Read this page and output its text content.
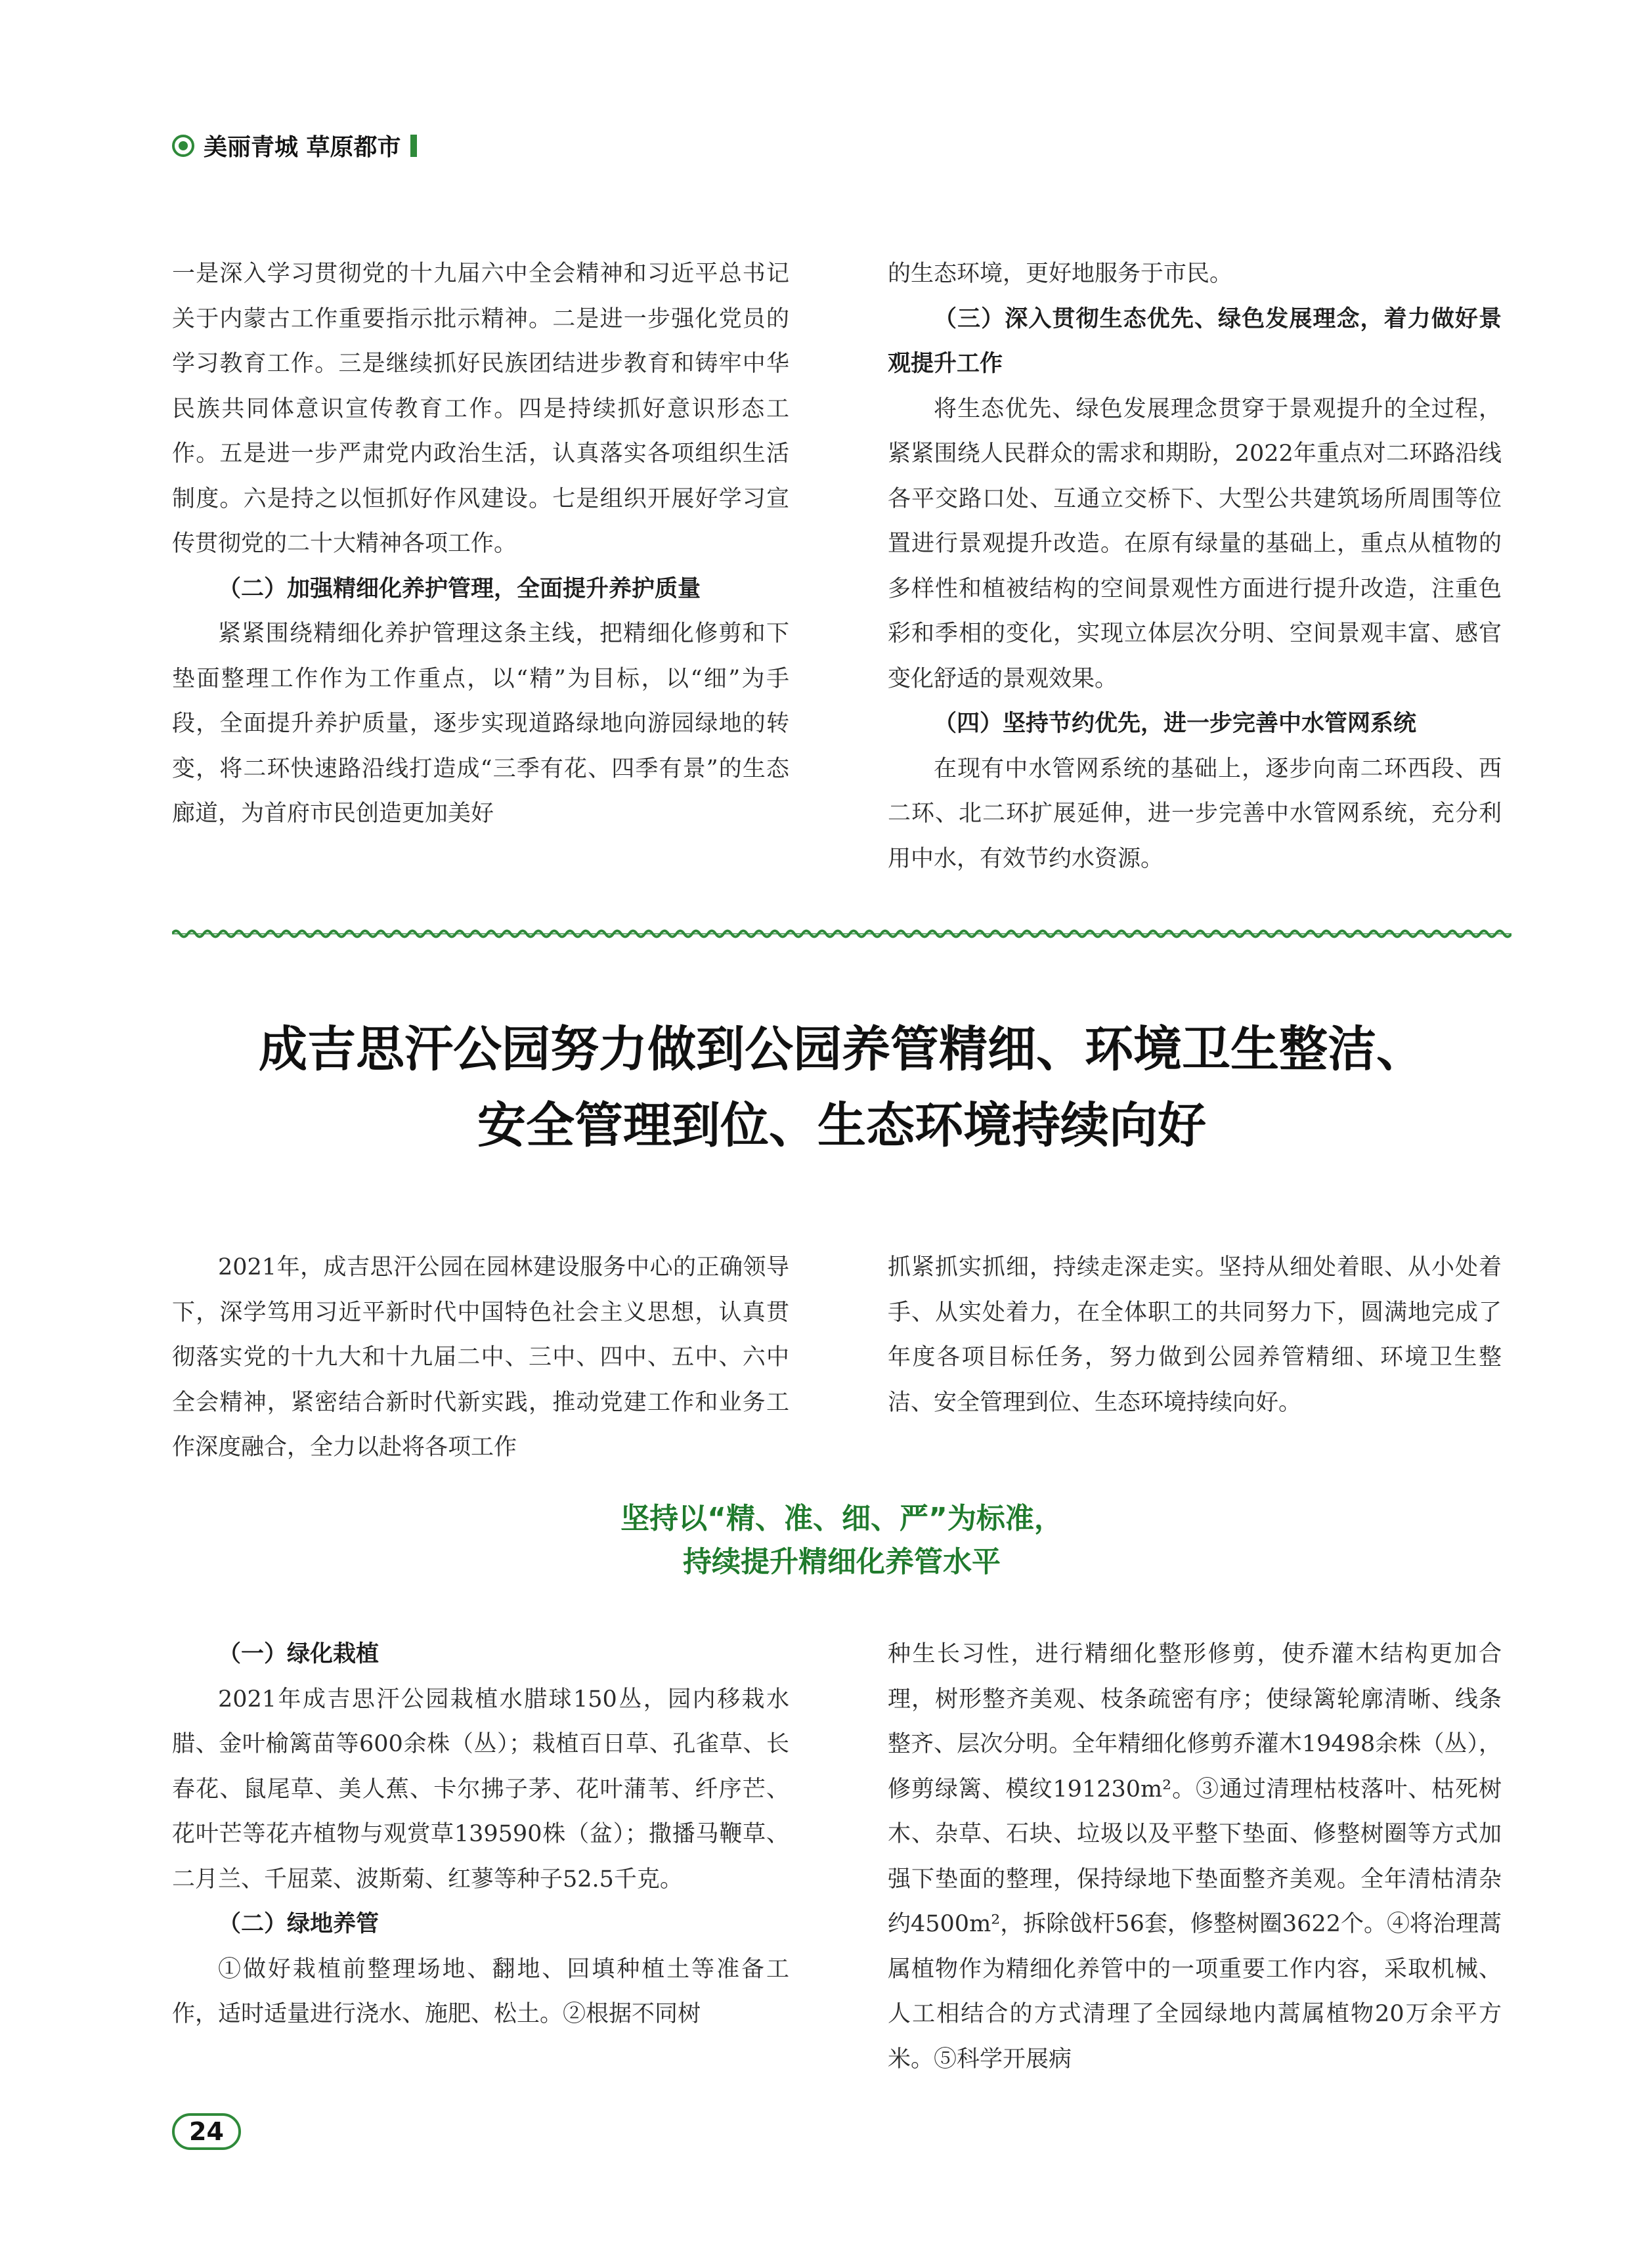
美丽青城 草原都市

一是深入学习贯彻党的十九届六中全会精神和习近平总书记关于内蒙古工作重要指示批示精神。二是进一步强化党员的学习教育工作。三是继续抓好民族团结进步教育和铸牢中华民族共同体意识宣传教育工作。四是持续抓好意识形态工作。五是进一步严肃党内政治生活，认真落实各项组织生活制度。六是持之以恒抓好作风建设。七是组织开展好学习宣传贯彻党的二十大精神各项工作。

（二）加强精细化养护管理，全面提升养护质量

紧紧围绕精细化养护管理这条主线，把精细化修剪和下垫面整理工作作为工作重点，以“精”为目标，以“细”为手段，全面提升养护质量，逐步实现道路绿地向游园绿地的转变，将二环快速路沿线打造成“三季有花、四季有景”的生态廊道，为首府市民创造更加美好

的生态环境，更好地服务于市民。

（三）深入贯彻生态优先、绿色发展理念，着力做好景观提升工作

将生态优先、绿色发展理念贯穿于景观提升的全过程，紧紧围绕人民群众的需求和期盼，2022年重点对二环路沿线各平交路口处、互通立交桥下、大型公共建筑场所周围等位置进行景观提升改造。在原有绿量的基础上，重点从植物的多样性和植被结构的空间景观性方面进行提升改造，注重色彩和季相的变化，实现立体层次分明、空间景观丰富、感官变化舒适的景观效果。

（四）坚持节约优先，进一步完善中水管网系统

在现有中水管网系统的基础上，逐步向南二环西段、西二环、北二环扩展延伸，进一步完善中水管网系统，充分利用中水，有效节约水资源。

成吉思汗公园努力做到公园养管精细、环境卫生整洁、
安全管理到位、生态环境持续向好

2021年，成吉思汗公园在园林建设服务中心的正确领导下，深学笃用习近平新时代中国特色社会主义思想，认真贯彻落实党的十九大和十九届二中、三中、四中、五中、六中全会精神，紧密结合新时代新实践，推动党建工作和业务工作深度融合，全力以赴将各项工作

抓紧抓实抓细，持续走深走实。坚持从细处着眼、从小处着手、从实处着力，在全体职工的共同努力下，圆满地完成了年度各项目标任务，努力做到公园养管精细、环境卫生整洁、安全管理到位、生态环境持续向好。

坚持以“精、准、细、严”为标准，
持续提升精细化养管水平

（一）绿化栽植

2021年成吉思汗公园栽植水腊球150丛，园内移栽水腊、金叶榆篱苗等600余株（丛）；栽植百日草、孔雀草、长春花、鼠尾草、美人蕉、卡尔拂子茅、花叶蒲苇、纤序芒、花叶芒等花卉植物与观赏草139590株（盆）；撒播马鞭草、二月兰、千屈菜、波斯菊、红蓼等种子52.5千克。

（二）绿地养管

①做好栽植前整理场地、翻地、回填种植土等准备工作，适时适量进行浇水、施肥、松土。②根据不同树

种生长习性，进行精细化整形修剪，使乔灌木结构更加合理，树形整齐美观、枝条疏密有序；使绿篱轮廓清晰、线条整齐、层次分明。全年精细化修剪乔灌木19498余株（丛），修剪绿篱、模纹191230m²。③通过清理枯枝落叶、枯死树木、杂草、石块、垃圾以及平整下垫面、修整树圈等方式加强下垫面的整理，保持绿地下垫面整齐美观。全年清枯清杂约4500m²，拆除戗杆56套，修整树圈3622个。④将治理蒿属植物作为精细化养管中的一项重要工作内容，采取机械、人工相结合的方式清理了全园绿地内蒿属植物20万余平方米。⑤科学开展病

24
